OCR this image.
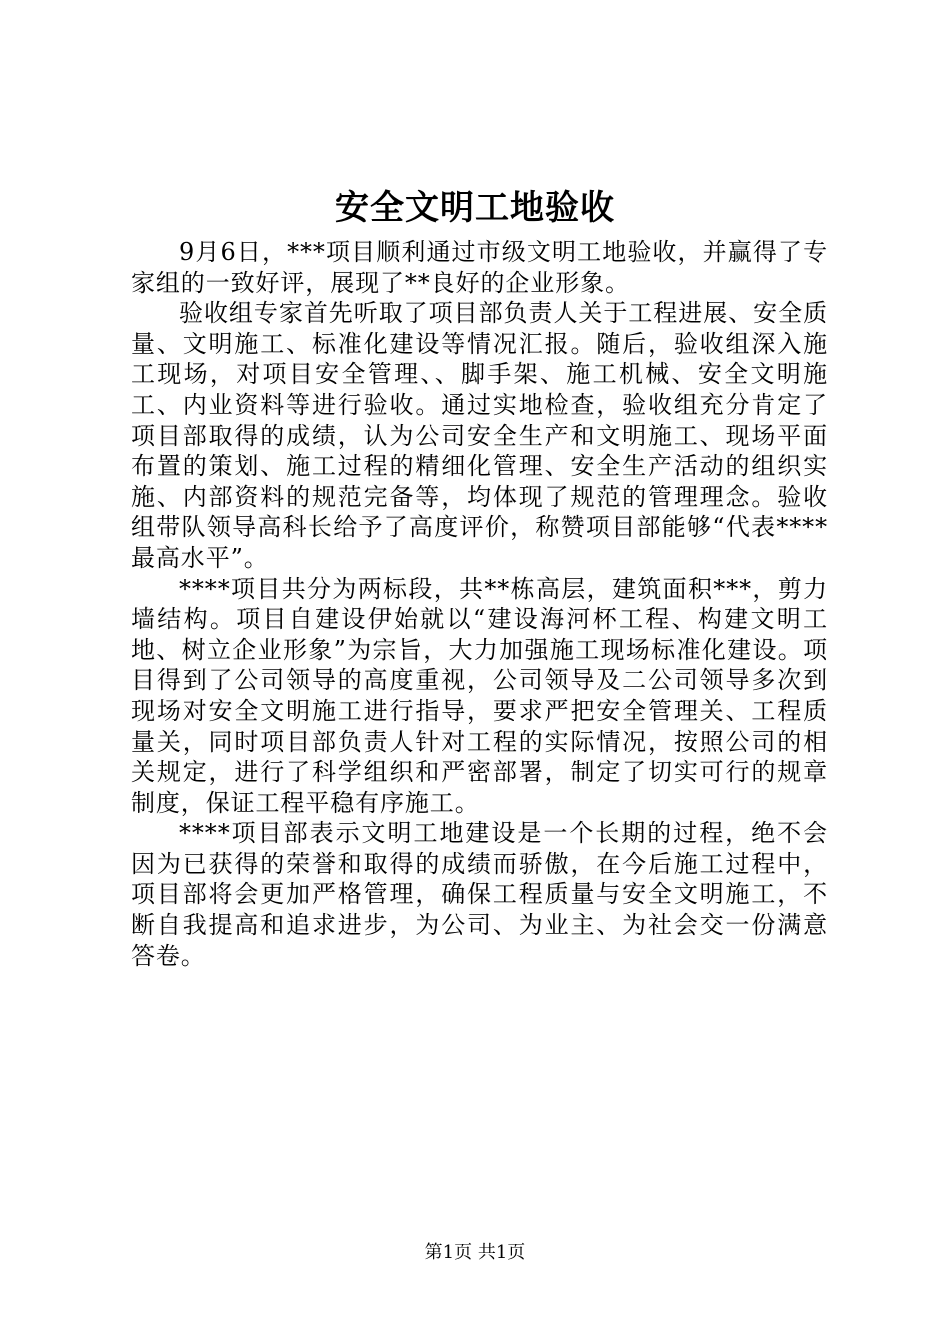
安全文明工地验收

9月6日，***项目顺利通过市级文明工地验收，并赢得了专家组的一致好评，展现了**良好的企业形象。

验收组专家首先听取了项目部负责人关于工程进展、安全质量、文明施工、标准化建设等情况汇报。随后，验收组深入施工现场，对项目安全管理、、脚手架、施工机械、安全文明施工、内业资料等进行验收。通过实地检查，验收组充分肯定了项目部取得的成绩，认为公司安全生产和文明施工、现场平面布置的策划、施工过程的精细化管理、安全生产活动的组织实施、内部资料的规范完备等，均体现了规范的管理理念。验收组带队领导高科长给予了高度评价，称赞项目部能够“代表****最高水平”。

****项目共分为两标段，共**栋高层，建筑面积***，剪力墙结构。项目自建设伊始就以“建设海河杯工程、构建文明工地、树立企业形象”为宗旨，大力加强施工现场标准化建设。项目得到了公司领导的高度重视，公司领导及二公司领导多次到现场对安全文明施工进行指导，要求严把安全管理关、工程质量关，同时项目部负责人针对工程的实际情况，按照公司的相关规定，进行了科学组织和严密部署，制定了切实可行的规章制度，保证工程平稳有序施工。

****项目部表示文明工地建设是一个长期的过程，绝不会因为已获得的荣誉和取得的成绩而骄傲，在今后施工过程中，项目部将会更加严格管理，确保工程质量与安全文明施工，不断自我提高和追求进步，为公司、为业主、为社会交一份满意答卷。

第1页 共1页
